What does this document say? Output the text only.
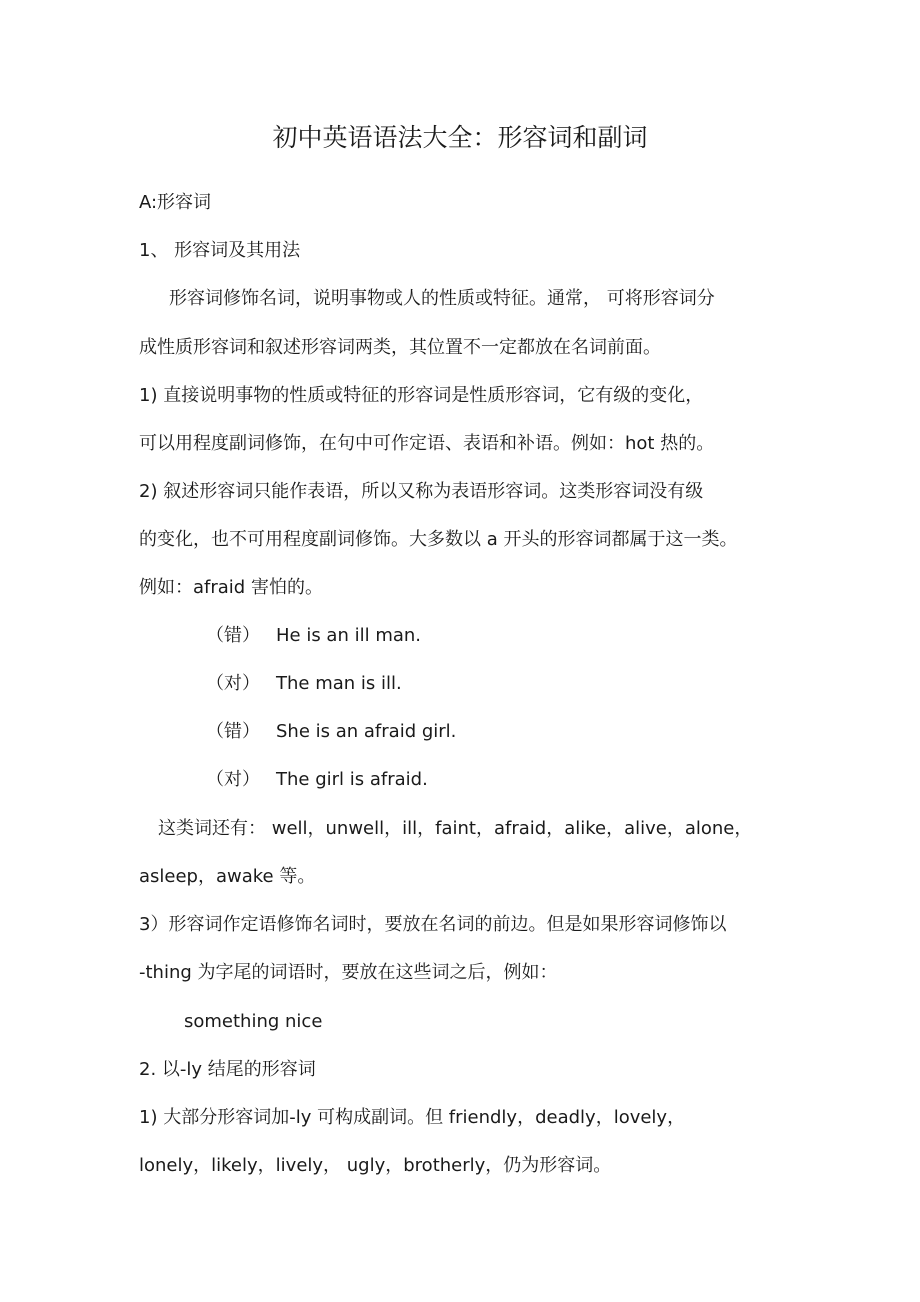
初中英语语法大全：形容词和副词
A:形容词
1、 形容词及其用法
形容词修饰名词，说明事物或人的性质或特征。通常， 可将形容词分
成性质形容词和叙述形容词两类，其位置不一定都放在名词前面。
1) 直接说明事物的性质或特征的形容词是性质形容词，它有级的变化，
可以用程度副词修饰，在句中可作定语、表语和补语。例如：hot 热的。
2) 叙述形容词只能作表语，所以又称为表语形容词。这类形容词没有级
的变化，也不可用程度副词修饰。大多数以 a 开头的形容词都属于这一类。
例如：afraid 害怕的。
（错） He is an ill man.
（对） The man is ill.
（错） She is an afraid girl.
（对） The girl is afraid.
这类词还有： well，unwell，ill，faint，afraid，alike，alive，alone，
asleep，awake 等。
3）形容词作定语修饰名词时，要放在名词的前边。但是如果形容词修饰以
-thing 为字尾的词语时，要放在这些词之后，例如：
something nice
2. 以-ly 结尾的形容词
1) 大部分形容词加-ly 可构成副词。但 friendly，deadly，lovely，
lonely，likely，lively， ugly，brotherly，仍为形容词。
